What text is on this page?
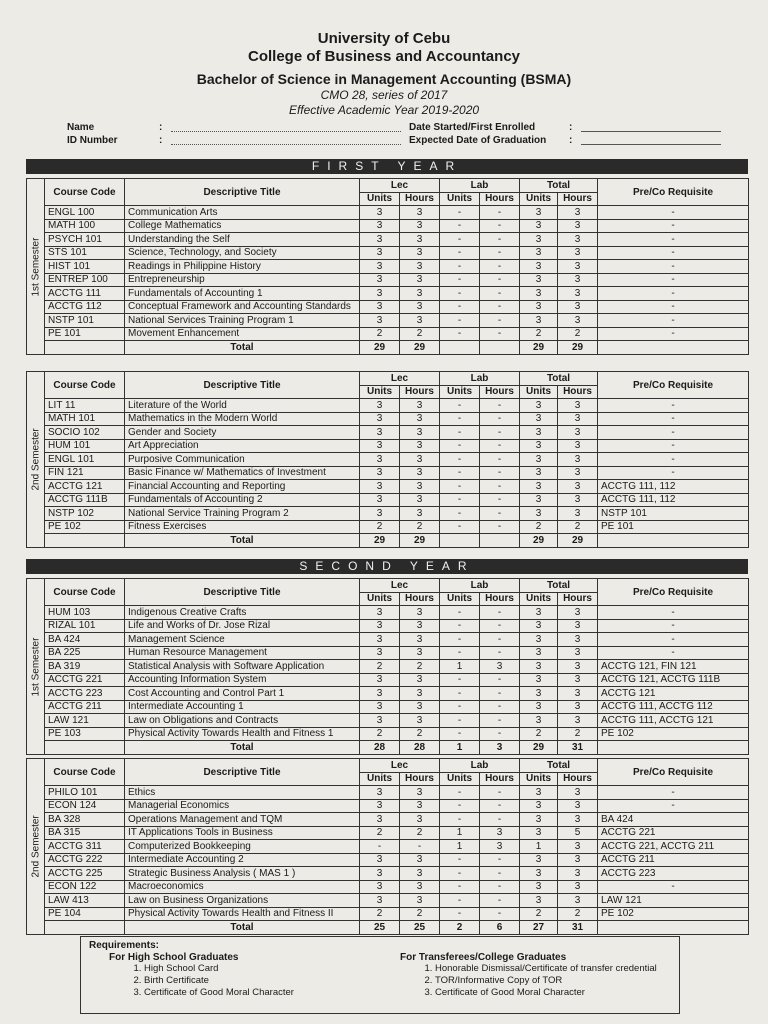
University of Cebu
College of Business and Accountancy
Bachelor of Science in Management Accounting (BSMA)
CMO 28, series of 2017
Effective Academic Year 2019-2020
Name	:	Date Started/First Enrolled	:
ID Number	:	Expected Date of Graduation	:
FIRST YEAR
1st Semester	Course Code	Descriptive Title	Lec		Lab		Total		Pre/Co Requisite
			Units	Hours	Units	Hours	Units	Hours	
	ENGL 100	Communication Arts	3	3	-	-	3	3	-
	MATH 100	College Mathematics	3	3	-	-	3	3	-
	PSYCH 101	Understanding the Self	3	3	-	-	3	3	-
	STS 101	Science, Technology, and Society	3	3	-	-	3	3	-
	HIST 101	Readings in Philippine History	3	3	-	-	3	3	-
	ENTREP 100	Entrepreneurship	3	3	-	-	3	3	-
	ACCTG 111	Fundamentals of Accounting 1	3	3	-	-	3	3	-
	ACCTG 112	Conceptual Framework and Accounting Standards	3	3	-	-	3	3	-
	NSTP 101	National Services Training Program 1	3	3	-	-	3	3	-
	PE 101	Movement Enhancement	2	2	-	-	2	2	-
		Total	29	29			29	29	
2nd Semester	Course Code	Descriptive Title	Lec		Lab		Total		Pre/Co Requisite
			Units	Hours	Units	Hours	Units	Hours	
	LIT 11	Literature of the World	3	3	-	-	3	3	-
	MATH 101	Mathematics in the Modern World	3	3	-	-	3	3	-
	SOCIO 102	Gender and Society	3	3	-	-	3	3	-
	HUM 101	Art Appreciation	3	3	-	-	3	3	-
	ENGL 101	Purposive Communication	3	3	-	-	3	3	-
	FIN 121	Basic Finance w/ Mathematics of Investment	3	3	-	-	3	3	-
	ACCTG 121	Financial Accounting and Reporting	3	3	-	-	3	3	ACCTG 111, 112
	ACCTG 111B	Fundamentals of Accounting 2	3	3	-	-	3	3	ACCTG 111, 112
	NSTP 102	National Service Training Program 2	3	3	-	-	3	3	NSTP 101
	PE 102	Fitness Exercises	2	2	-	-	2	2	PE 101
		Total	29	29			29	29	
SECOND YEAR
1st Semester	Course Code	Descriptive Title	Lec		Lab		Total		Pre/Co Requisite
			Units	Hours	Units	Hours	Units	Hours	
	HUM 103	Indigenous Creative Crafts	3	3	-	-	3	3	-
	RIZAL 101	Life and Works of Dr. Jose Rizal	3	3	-	-	3	3	-
	BA 424	Management Science	3	3	-	-	3	3	-
	BA 225	Human Resource Management	3	3	-	-	3	3	-
	BA 319	Statistical Analysis with Software Application	2	2	1	3	3	3	ACCTG 121, FIN 121
	ACCTG 221	Accounting Information System	3	3	-	-	3	3	ACCTG 121, ACCTG 111B
	ACCTG 223	Cost Accounting and Control Part 1	3	3	-	-	3	3	ACCTG 121
	ACCTG 211	Intermediate Accounting 1	3	3	-	-	3	3	ACCTG 111, ACCTG 112
	LAW 121	Law on Obligations and Contracts	3	3	-	-	3	3	ACCTG 111, ACCTG 121
	PE 103	Physical Activity Towards Health and Fitness 1	2	2	-	-	2	2	PE 102
		Total	28	28	1	3	29	31	
2nd Semester	Course Code	Descriptive Title	Lec		Lab		Total		Pre/Co Requisite
			Units	Hours	Units	Hours	Units	Hours	
	PHILO 101	Ethics	3	3	-	-	3	3	-
	ECON 124	Managerial Economics	3	3	-	-	3	3	-
	BA 328	Operations Management and TQM	3	3	-	-	3	3	BA 424
	BA 315	IT Applications Tools in Business	2	2	1	3	3	5	ACCTG 221
	ACCTG 311	Computerized Bookkeeping	-	-	1	3	1	3	ACCTG 221, ACCTG 211
	ACCTG 222	Intermediate Accounting 2	3	3	-	-	3	3	ACCTG 211
	ACCTG 225	Strategic Business Analysis ( MAS 1 )	3	3	-	-	3	3	ACCTG 223
	ECON 122	Macroeconomics	3	3	-	-	3	3	-
	LAW 413	Law on Business Organizations	3	3	-	-	3	3	LAW 121
	PE 104	Physical Activity Towards Health and Fitness II	2	2	-	-	2	2	PE 102
		Total	25	25	2	6	27	31	
Requirements:
For High School Graduates
1. High School Card
2. Birth Certificate
3. Certificate of Good Moral Character
For Transferees/College Graduates
1. Honorable Dismissal/Certificate of transfer credential
2. TOR/Informative Copy of TOR
3. Certificate of Good Moral Character
